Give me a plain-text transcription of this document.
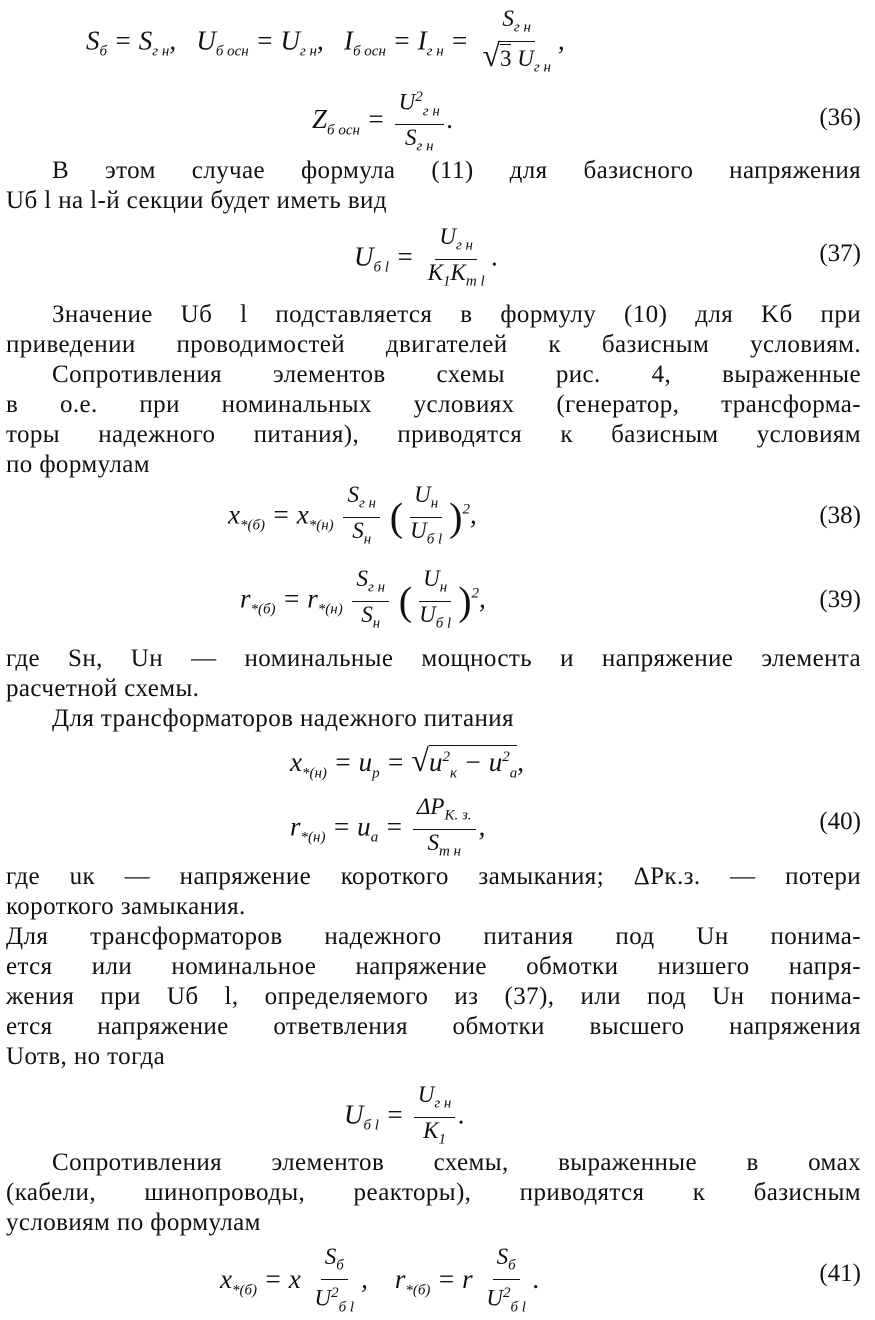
$S_б = S_{г н}$,   $U_{б осн} = U_{г н}$,   $I_{б осн} = I_{г н}$ =
$S_{г н}$
√3 $U_{г н}$
,
$Z_{б осн}$ =
$U^2_{г н}$
$S_{г н}$
.	(36)
В этом случае формула (11) для базисного напряжения
Uб l на l-й секции будет иметь вид
$U_{б l}$ =
$U_{г н}$
$K_1K_{т l}$
.	(37)
Значение Uб l подставляется в формулу (10) для Kб при
приведении проводимостей двигателей к базисным условиям.
Сопротивления элементов схемы рис. 4, выраженные
в о.е. при номинальных условиях (генератор, трансформа-
торы надежного питания), приводятся к базисным условиям
по формулам
$x_{*(б)} = x_{*(н)}$
$S_{г н}$
$S_н$ (
$U_н$
$U_{б l}$ )$^2$,	(38)
$r_{*(б)} = r_{*(н)}$
$S_{г н}$
$S_н$ (
$U_н$
$U_{б l}$ )$^2$,	(39)
где Sн, Uн — номинальные мощность и напряжение элемента
расчетной схемы.
Для трансформаторов надежного питания
$x_{*(н)} = u_р = √u^2_к - u^2_а$,
$r_{*(н)} = u_а$ =
$\Delta P_{К. з.}$
$S_{т н}$
,	(40)
где uк — напряжение короткого замыкания; ΔPк.з. — потери
короткого замыкания.
Для трансформаторов надежного питания под Uн понима-
ется или номинальное напряжение обмотки низшего напря-
жения при Uб l, определяемого из (37), или под Uн понима-
ется напряжение ответвления обмотки высшего напряжения
Uотв, но тогда
$U_{б l}$ =
$U_{г н}$
$K_1$
.
Сопротивления элементов схемы, выраженные в омах
(кабели, шинопроводы, реакторы), приводятся к базисным
условиям по формулам
$x_{*(б)} = x$
$S_б$
$U^2_{б l}$
,    $r_{*(б)} = r$
$S_б$
$U^2_{б l}$
.	(41)
